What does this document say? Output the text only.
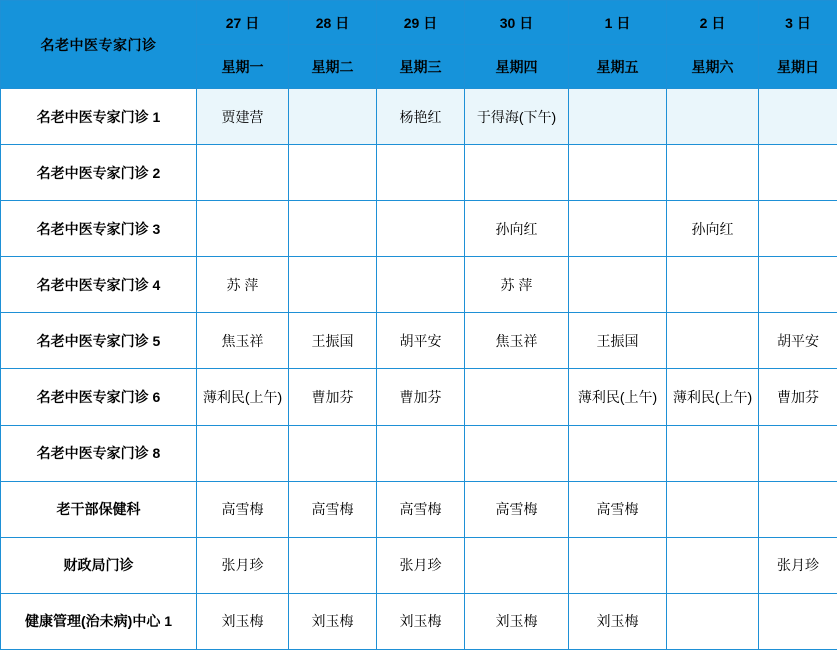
名老中医专家门诊	27 日	28 日	29 日	30 日	1 日	2 日	3 日
	星期一	星期二	星期三	星期四	星期五	星期六	星期日
名老中医专家门诊 1	贾建营		杨艳红	于得海(下午)			
名老中医专家门诊 2							
名老中医专家门诊 3				孙向红		孙向红	
名老中医专家门诊 4	苏 萍			苏 萍			
名老中医专家门诊 5	焦玉祥	王振国	胡平安	焦玉祥	王振国		胡平安
名老中医专家门诊 6	薄利民(上午)	曹加芬	曹加芬		薄利民(上午)	薄利民(上午)	曹加芬
名老中医专家门诊 8							
老干部保健科	高雪梅	高雪梅	高雪梅	高雪梅	高雪梅		
财政局门诊	张月珍		张月珍				张月珍
健康管理(治未病)中心 1	刘玉梅	刘玉梅	刘玉梅	刘玉梅	刘玉梅		
